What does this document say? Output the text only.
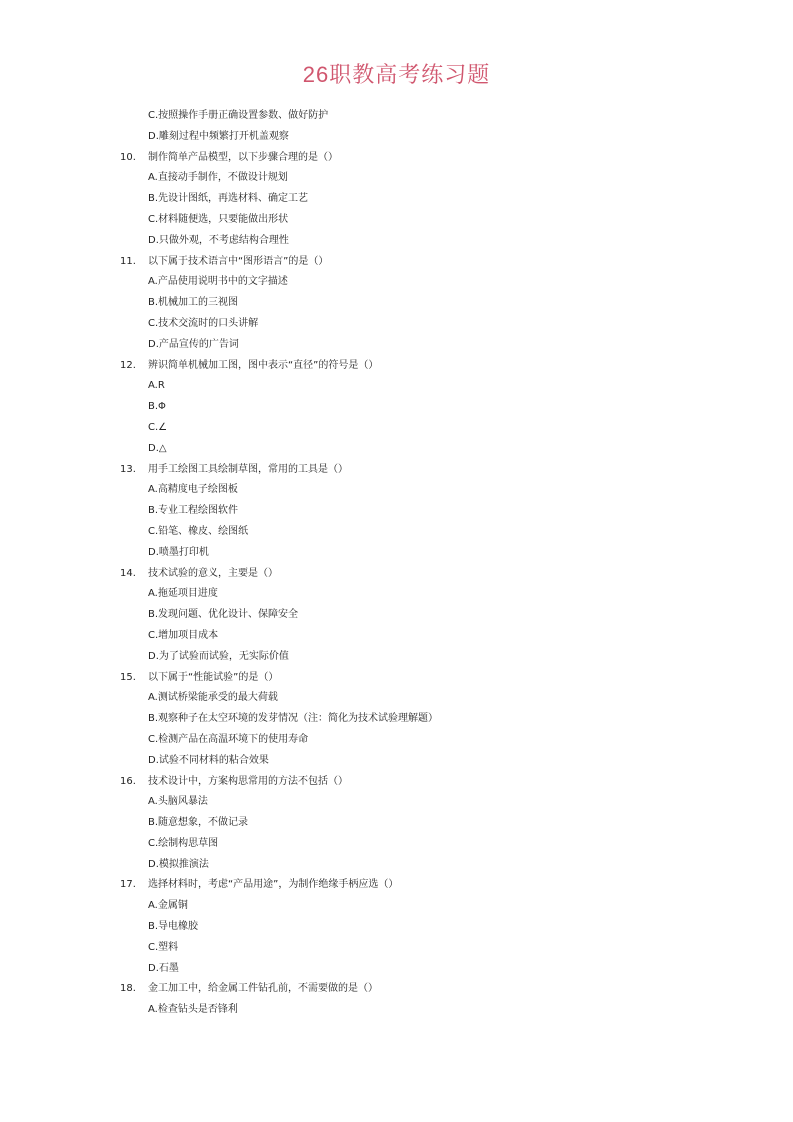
26职教高考练习题
C.按照操作手册正确设置参数、做好防护
D.雕刻过程中频繁打开机盖观察
10. 制作简单产品模型，以下步骤合理的是（）
A.直接动手制作，不做设计规划
B.先设计图纸，再选材料、确定工艺
C.材料随便选，只要能做出形状
D.只做外观，不考虑结构合理性
11. 以下属于技术语言中“图形语言”的是（）
A.产品使用说明书中的文字描述
B.机械加工的三视图
C.技术交流时的口头讲解
D.产品宣传的广告词
12. 辨识简单机械加工图，图中表示“直径”的符号是（）
A.R
B.Φ
C.∠
D.△
13. 用手工绘图工具绘制草图，常用的工具是（）
A.高精度电子绘图板
B.专业工程绘图软件
C.铅笔、橡皮、绘图纸
D.喷墨打印机
14. 技术试验的意义，主要是（）
A.拖延项目进度
B.发现问题、优化设计、保障安全
C.增加项目成本
D.为了试验而试验，无实际价值
15. 以下属于“性能试验”的是（）
A.测试桥梁能承受的最大荷载
B.观察种子在太空环境的发芽情况（注：简化为技术试验理解题）
C.检测产品在高温环境下的使用寿命
D.试验不同材料的粘合效果
16. 技术设计中，方案构思常用的方法不包括（）
A.头脑风暴法
B.随意想象，不做记录
C.绘制构思草图
D.模拟推演法
17. 选择材料时，考虑“产品用途”，为制作绝缘手柄应选（）
A.金属铜
B.导电橡胶
C.塑料
D.石墨
18. 金工加工中，给金属工件钻孔前，不需要做的是（）
A.检查钻头是否锋利
